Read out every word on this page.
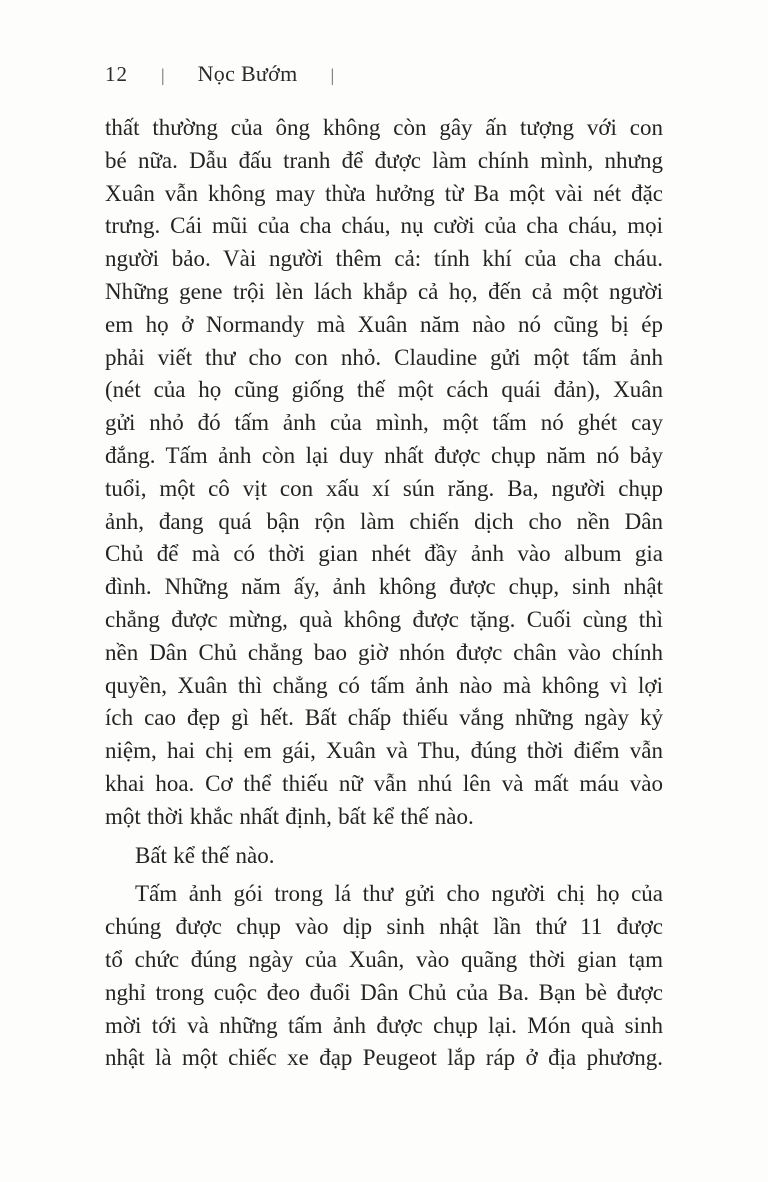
12 | Nọc Bướm |

thất thường của ông không còn gây ấn tượng với con
bé nữa. Dẫu đấu tranh để được làm chính mình, nhưng
Xuân vẫn không may thừa hưởng từ Ba một vài nét đặc
trưng. Cái mũi của cha cháu, nụ cười của cha cháu, mọi
người bảo. Vài người thêm cả: tính khí của cha cháu.
Những gene trội lèn lách khắp cả họ, đến cả một người
em họ ở Normandy mà Xuân năm nào nó cũng bị ép
phải viết thư cho con nhỏ. Claudine gửi một tấm ảnh
(nét của họ cũng giống thế một cách quái đản), Xuân
gửi nhỏ đó tấm ảnh của mình, một tấm nó ghét cay
đắng. Tấm ảnh còn lại duy nhất được chụp năm nó bảy
tuổi, một cô vịt con xấu xí sún răng. Ba, người chụp
ảnh, đang quá bận rộn làm chiến dịch cho nền Dân
Chủ để mà có thời gian nhét đầy ảnh vào album gia
đình. Những năm ấy, ảnh không được chụp, sinh nhật
chẳng được mừng, quà không được tặng. Cuối cùng thì
nền Dân Chủ chẳng bao giờ nhón được chân vào chính
quyền, Xuân thì chẳng có tấm ảnh nào mà không vì lợi
ích cao đẹp gì hết. Bất chấp thiếu vắng những ngày kỷ
niệm, hai chị em gái, Xuân và Thu, đúng thời điểm vẫn
khai hoa. Cơ thể thiếu nữ vẫn nhú lên và mất máu vào
một thời khắc nhất định, bất kể thế nào.

Bất kể thế nào.

Tấm ảnh gói trong lá thư gửi cho người chị họ của
chúng được chụp vào dịp sinh nhật lần thứ 11 được
tổ chức đúng ngày của Xuân, vào quãng thời gian tạm
nghỉ trong cuộc đeo đuổi Dân Chủ của Ba. Bạn bè được
mời tới và những tấm ảnh được chụp lại. Món quà sinh
nhật là một chiếc xe đạp Peugeot lắp ráp ở địa phương.
